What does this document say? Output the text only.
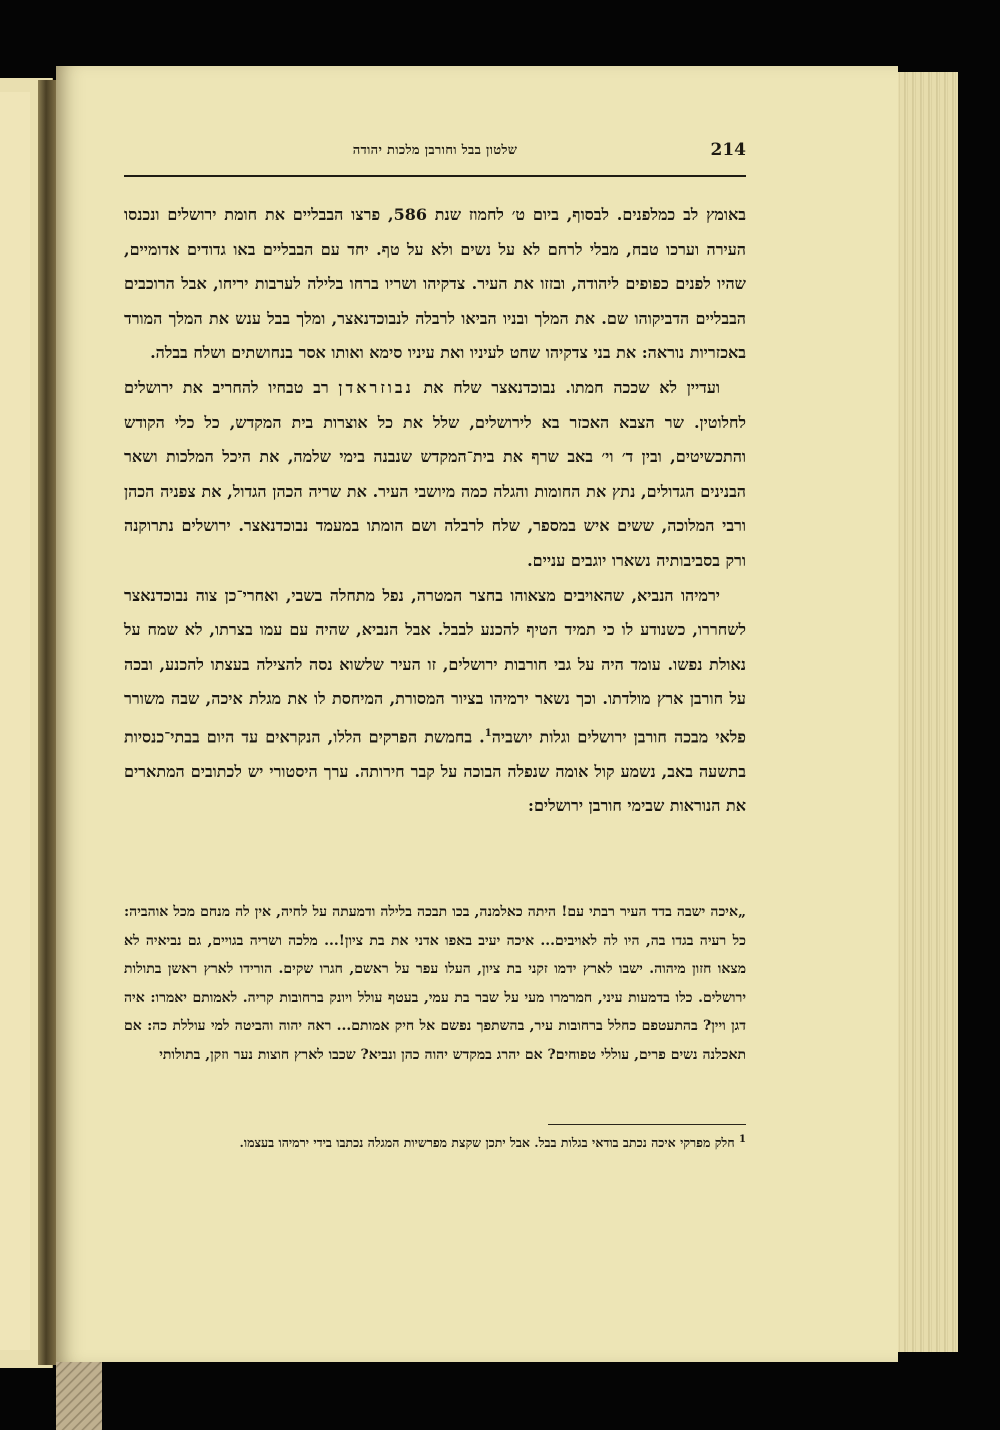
214
שלטון בבל וחורבן מלכות יהודה

באומץ לב כמלפנים. לבסוף, ביום ט׳ לחמוז שנת 586, פרצו הבבליים את חומת ירושלים ונכנסו העירה וערכו טבח, מבלי לרחם לא על נשים ולא על טף. יחד עם הבבליים באו גדודים אדומיים, שהיו לפנים כפופים ליהודה, ובזזו את העיר. צדקיהו ושריו ברחו בלילה לערבות יריחו, אבל הרוכבים הבבליים הדביקוהו שם. את המלך ובניו הביאו לרבלה לנבוכדנאצר, ומלך בבל ענש את המלך המורד באכזריות נוראה: את בני צדקיהו שחט לעיניו ואת עיניו סימא ואותו אסר בנחושתים ושלח בבלה.

ועדיין לא שככה חמתו. נבוכדנאצר שלח את נבוזראדן רב טבחיו להחריב את ירושלים לחלוטין. שר הצבא האכזר בא לירושלים, שלל את כל אוצרות בית המקדש, כל כלי הקודש והתכשיטים, ובין ד׳ וי׳ באב שרף את בית־המקדש שנבנה בימי שלמה, את היכל המלכות ושאר הבנינים הגדולים, נתץ את החומות והגלה כמה מיושבי העיר. את שריה הכהן הגדול, את צפניה הכהן ורבי המלוכה, ששים איש במספר, שלח לרבלה ושם הומתו במעמד נבוכדנאצר. ירושלים נתרוקנה ורק בסביבותיה נשארו יוגבים עניים.

ירמיהו הנביא, שהאויבים מצאוהו בחצר המטרה, נפל מתחלה בשבי, ואחרי־כן צוה נבוכדנאצר לשחררו, כשנודע לו כי תמיד הטיף להכנע לבבל. אבל הנביא, שהיה עם עמו בצרתו, לא שמח על נאולת נפשו. עומד היה על גבי חורבות ירושלים, זו העיר שלשוא נסה להצילה בעצתו להכנע, ובכה על חורבן ארץ מולדתו. וכך נשאר ירמיהו בציור המסורת, המיחסת לו את מגלת איכה, שבה משורר פלאי מבכה חורבן ירושלים וגלות יושביה$^1$. בחמשת הפרקים הללו, הנקראים עד היום בבתי־כנסיות בתשעה באב, נשמע קול אומה שנפלה הבוכה על קבר חירותה. ערך היסטורי יש לכתובים המתארים את הנוראות שבימי חורבן ירושלים:

„איכה ישבה בדד העיר רבתי עם! היתה כאלמנה, בכו תבכה בלילה ודמעתה על לחיה, אין לה מנחם מכל אוהביה: כל רעיה בגדו בה, היו לה לאויבים... איכה יעיב באפו אדני את בת ציון!... מלכה ושריה בגויים, גם נביאיה לא מצאו חזון מיהוה. ישבו לארץ ידמו זקני בת ציון, העלו עפר על ראשם, חגרו שקים. הורידו לארץ ראשן בתולות ירושלים. כלו בדמעות עיני, חמרמרו מעי על שבר בת עמי, בעטף עולל ויונק ברחובות קריה. לאמותם יאמרו: איה דגן ויין? בהתעטפם כחלל ברחובות עיר, בהשתפך נפשם אל חיק אמותם... ראה יהוה והביטה למי עוללת כה: אם תאכלנה נשים פרים, עוללי טפוחים? אם יהרג במקדש יהוה כהן ונביא? שכבו לארץ חוצות נער וזקן, בתולותי

$^1$ חלק מפרקי איכה נכתב בודאי בגלות בבל. אבל יתכן שקצת מפרשיות המגלה נכתבו בידי ירמיהו בעצמו.
